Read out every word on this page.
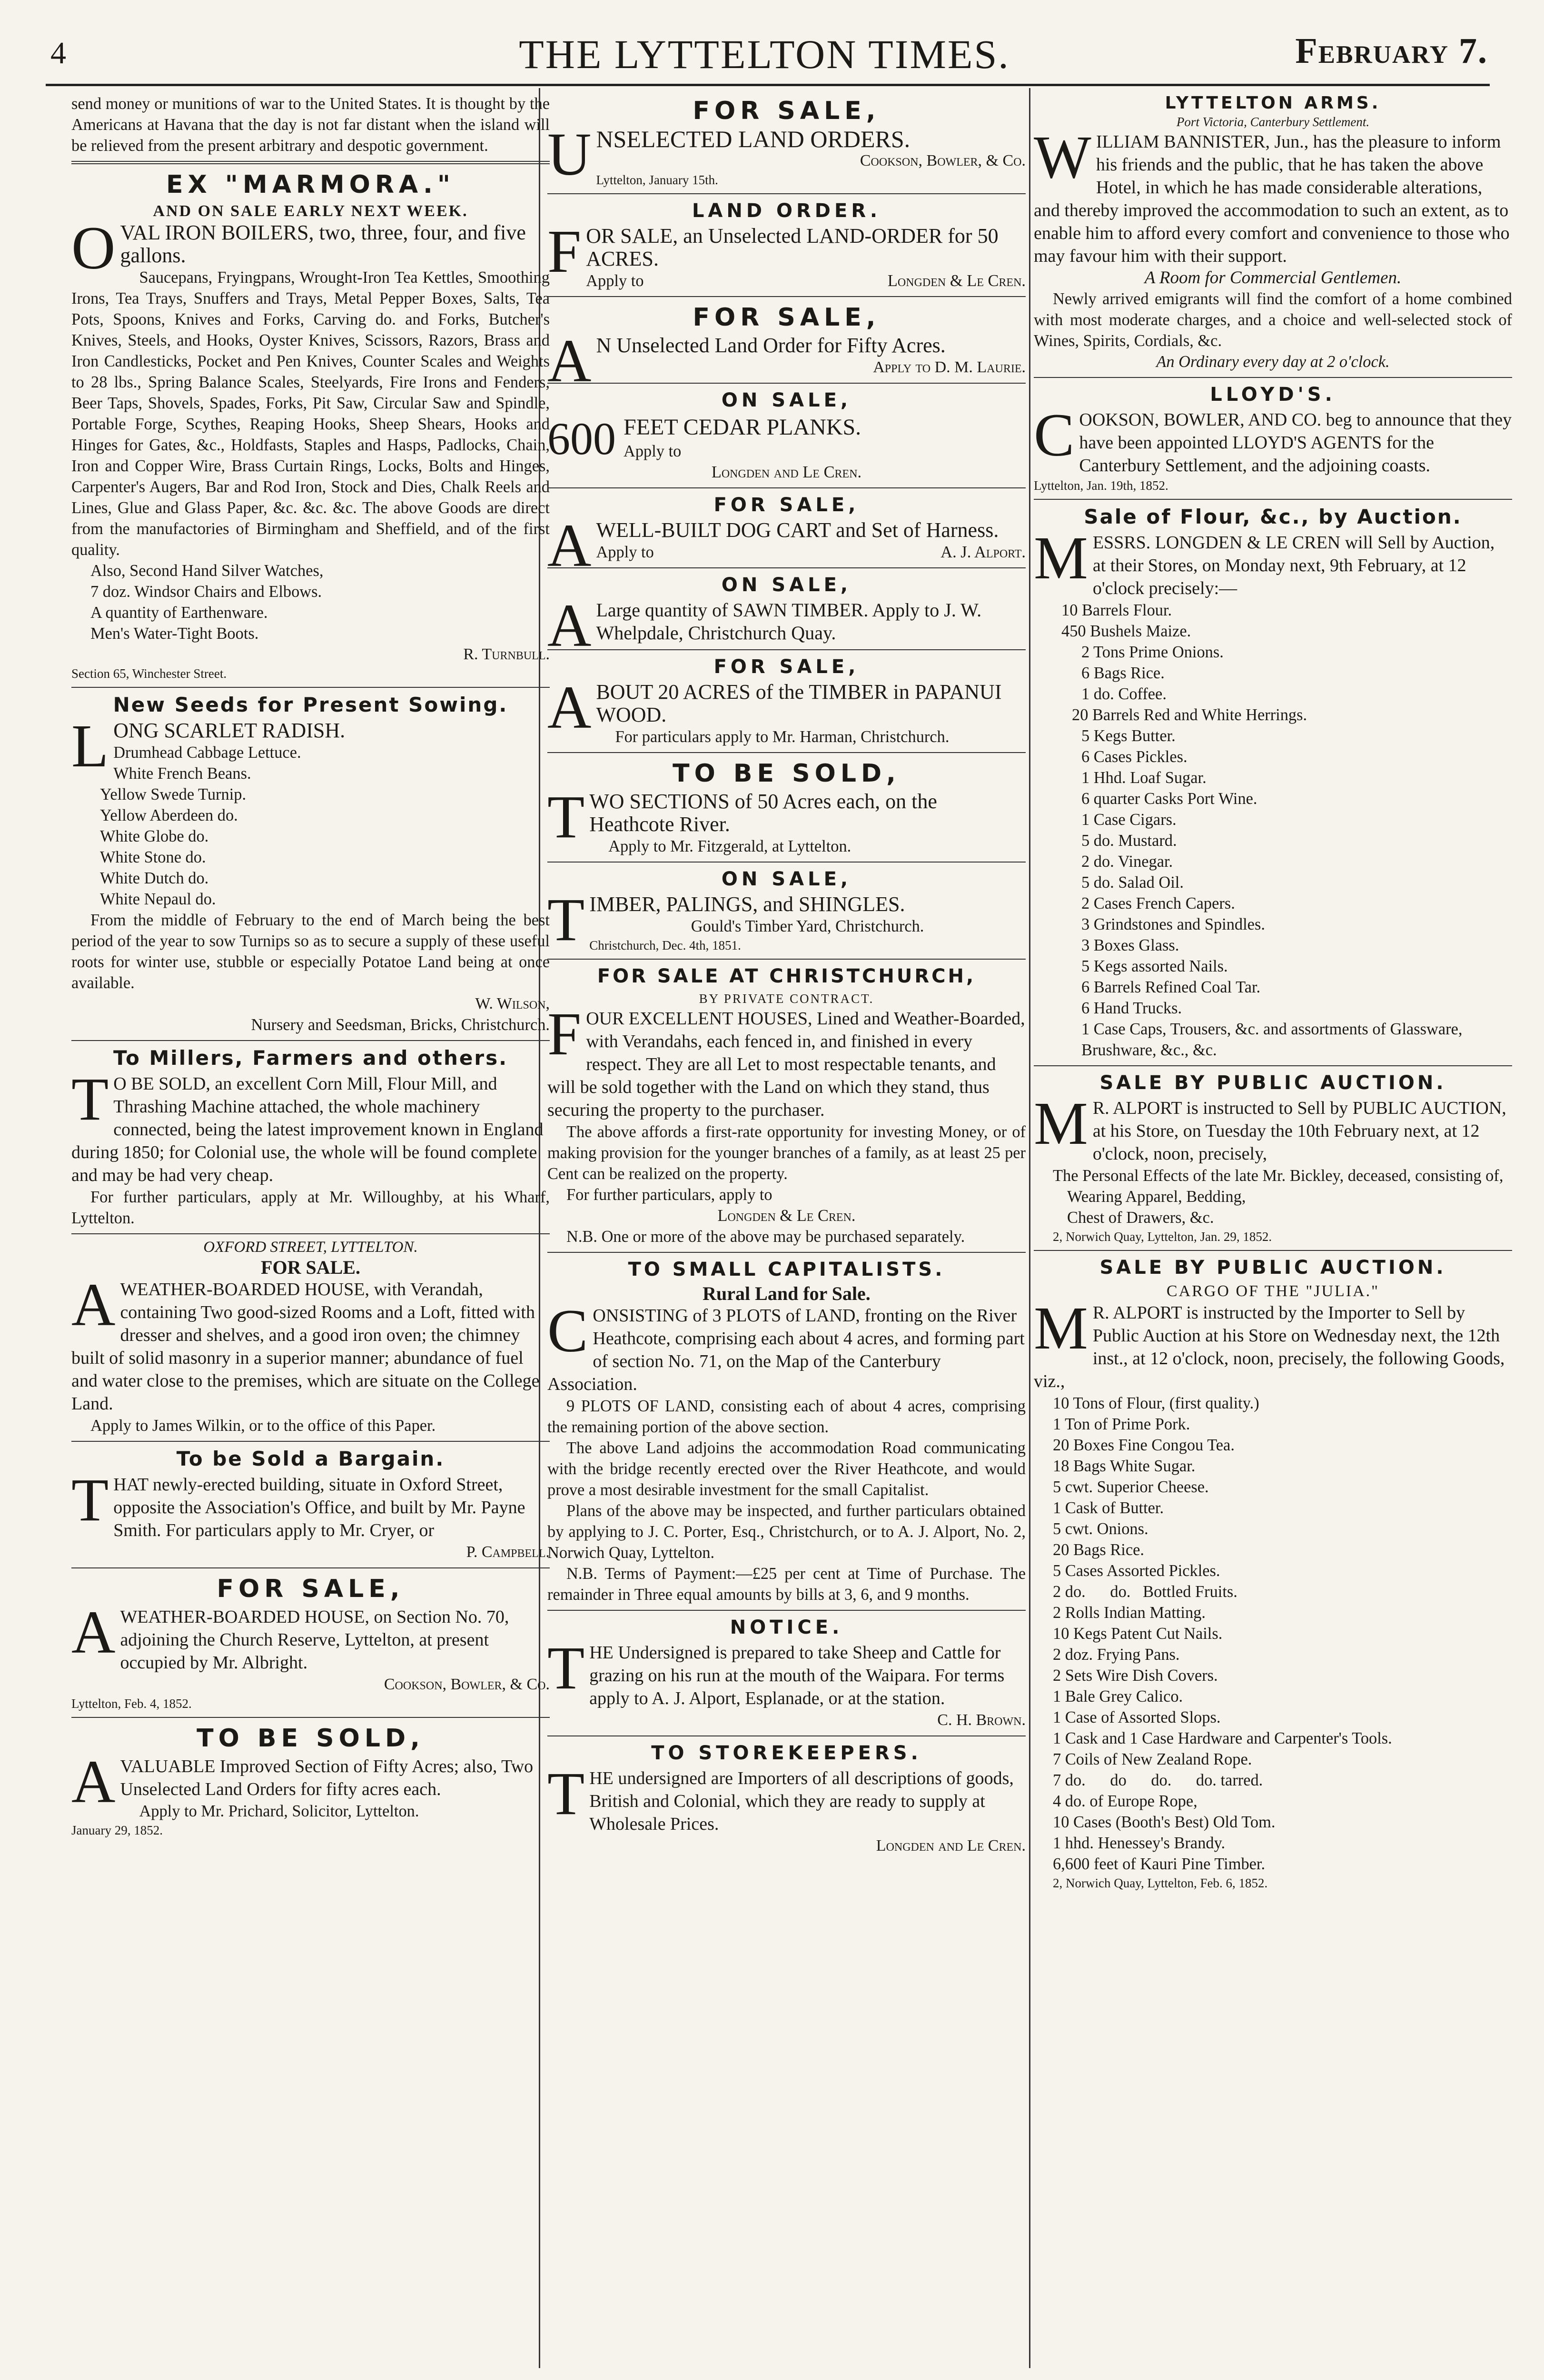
4	THE LYTTELTON TIMES.	February 7.

send money or munitions of war to the United States. It is thought by the Americans at Havana that the day is not far distant when the island will be relieved from the present arbitrary and despotic government.

EX "MARMORA."
AND ON SALE EARLY NEXT WEEK.

OVAL IRON BOILERS, two, three, four, and five gallons.

Saucepans, Fryingpans, Wrought-Iron Tea Kettles, Smoothing Irons, Tea Trays, Snuffers and Trays, Metal Pepper Boxes, Salts, Tea Pots, Spoons, Knives and Forks, Carving do. and Forks, Butcher's Knives, Steels, and Hooks, Oyster Knives, Scissors, Razors, Brass and Iron Candlesticks, Pocket and Pen Knives, Counter Scales and Weights to 28 lbs., Spring Balance Scales, Steelyards, Fire Irons and Fenders, Beer Taps, Shovels, Spades, Forks, Pit Saw, Circular Saw and Spindle, Portable Forge, Scythes, Reaping Hooks, Sheep Shears, Hooks and Hinges for Gates, &c., Holdfasts, Staples and Hasps, Padlocks, Chain, Iron and Copper Wire, Brass Curtain Rings, Locks, Bolts and Hinges, Carpenter's Augers, Bar and Rod Iron, Stock and Dies, Chalk Reels and Lines, Glue and Glass Paper, &c. &c. &c. The above Goods are direct from the manufactories of Birmingham and Sheffield, and of the first quality.

Also, Second Hand Silver Watches,

7 doz. Windsor Chairs and Elbows.

A quantity of Earthenware.

Men's Water-Tight Boots.

R. Turnbull.

Section 65, Winchester Street.

New Seeds for Present Sowing.

LONG SCARLET RADISH.

Drumhead Cabbage Lettuce.

White French Beans.

Yellow Swede Turnip.

Yellow Aberdeen do.

White Globe do.

White Stone do.

White Dutch do.

White Nepaul do.

From the middle of February to the end of March being the best period of the year to sow Turnips so as to secure a supply of these useful roots for winter use, stubble or especially Potatoe Land being at once available.

W. Wilson,

Nursery and Seedsman, Bricks, Christchurch.

To Millers, Farmers and others.

TO BE SOLD, an excellent Corn Mill, Flour Mill, and Thrashing Machine attached, the whole machinery connected, being the latest improvement known in England during 1850; for Colonial use, the whole will be found complete and may be had very cheap.

For further particulars, apply at Mr. Willoughby, at his Wharf, Lyttelton.

OXFORD STREET, LYTTELTON.
FOR SALE.

AWEATHER-BOARDED HOUSE, with Verandah, containing Two good-sized Rooms and a Loft, fitted with dresser and shelves, and a good iron oven; the chimney built of solid masonry in a superior manner; abundance of fuel and water close to the premises, which are situate on the College Land.

Apply to James Wilkin, or to the office of this Paper.

To be Sold a Bargain.

THAT newly-erected building, situate in Oxford Street, opposite the Association's Office, and built by Mr. Payne Smith. For particulars apply to Mr. Cryer, or

P. Campbell.

FOR SALE,

AWEATHER-BOARDED HOUSE, on Section No. 70, adjoining the Church Reserve, Lyttelton, at present occupied by Mr. Albright.

Cookson, Bowler, & Co.

Lyttelton, Feb. 4, 1852.

TO BE SOLD,

AVALUABLE Improved Section of Fifty Acres; also, Two Unselected Land Orders for fifty acres each.

Apply to Mr. Prichard, Solicitor, Lyttelton.

January 29, 1852.

FOR SALE,

UNSELECTED LAND ORDERS.

Cookson, Bowler, & Co.

Lyttelton, January 15th.

LAND ORDER.

FOR SALE, an Unselected LAND-ORDER for 50 ACRES.

Apply to	Longden & Le Cren.

FOR SALE,

AN Unselected Land Order for Fifty Acres.

Apply to D. M. Laurie.

ON SALE,
600 FEET CEDAR PLANKS.

Apply to

Longden and Le Cren.

FOR SALE,

AWELL-BUILT DOG CART and Set of Harness.

Apply to	A. J. Alport.

ON SALE,

ALarge quantity of SAWN TIMBER. Apply to J. W. Whelpdale, Christchurch Quay.

FOR SALE,

ABOUT 20 ACRES of the TIMBER in PAPANUI WOOD.

For particulars apply to Mr. Harman, Christchurch.

TO BE SOLD,

TWO SECTIONS of 50 Acres each, on the Heathcote River.

Apply to Mr. Fitzgerald, at Lyttelton.

ON SALE,

TIMBER, PALINGS, and SHINGLES.

Gould's Timber Yard, Christchurch.

Christchurch, Dec. 4th, 1851.

FOR SALE AT CHRISTCHURCH,
BY PRIVATE CONTRACT.

FOUR EXCELLENT HOUSES, Lined and Weather-Boarded, with Verandahs, each fenced in, and finished in every respect. They are all Let to most respectable tenants, and will be sold together with the Land on which they stand, thus securing the property to the purchaser.

The above affords a first-rate opportunity for investing Money, or of making provision for the younger branches of a family, as at least 25 per Cent can be realized on the property.

For further particulars, apply to

Longden & Le Cren.

N.B. One or more of the above may be purchased separately.

TO SMALL CAPITALISTS.
Rural Land for Sale.

CONSISTING of 3 PLOTS of LAND, fronting on the River Heathcote, comprising each about 4 acres, and forming part of section No. 71, on the Map of the Canterbury Association.

9 PLOTS OF LAND, consisting each of about 4 acres, comprising the remaining portion of the above section.

The above Land adjoins the accommodation Road communicating with the bridge recently erected over the River Heathcote, and would prove a most desirable investment for the small Capitalist.

Plans of the above may be inspected, and further particulars obtained by applying to J. C. Porter, Esq., Christchurch, or to A. J. Alport, No. 2, Norwich Quay, Lyttelton.

N.B. Terms of Payment:—£25 per cent at Time of Purchase. The remainder in Three equal amounts by bills at 3, 6, and 9 months.

NOTICE.

THE Undersigned is prepared to take Sheep and Cattle for grazing on his run at the mouth of the Waipara. For terms apply to A. J. Alport, Esplanade, or at the station.

C. H. Brown.

TO STOREKEEPERS.

THE undersigned are Importers of all descriptions of goods, British and Colonial, which they are ready to supply at Wholesale Prices.

Longden and Le Cren.

LYTTELTON ARMS.
Port Victoria, Canterbury Settlement.

WILLIAM BANNISTER, Jun., has the pleasure to inform his friends and the public, that he has taken the above Hotel, in which he has made considerable alterations, and thereby improved the accommodation to such an extent, as to enable him to afford every comfort and convenience to those who may favour him with their support.

A Room for Commercial Gentlemen.

Newly arrived emigrants will find the comfort of a home combined with most moderate charges, and a choice and well-selected stock of Wines, Spirits, Cordials, &c.

An Ordinary every day at 2 o'clock.

LLOYD'S.

COOKSON, BOWLER, AND CO. beg to announce that they have been appointed LLOYD'S AGENTS for the Canterbury Settlement, and the adjoining coasts.

Lyttelton, Jan. 19th, 1852.

Sale of Flour, &c., by Auction.

MESSRS. LONGDEN & LE CREN will Sell by Auction, at their Stores, on Monday next, 9th February, at 12 o'clock precisely:—

10 Barrels Flour.

450 Bushels Maize.

2 Tons Prime Onions.

6 Bags Rice.

1 do. Coffee.

20 Barrels Red and White Herrings.

5 Kegs Butter.

6 Cases Pickles.

1 Hhd. Loaf Sugar.

6 quarter Casks Port Wine.

1 Case Cigars.

5 do. Mustard.

2 do. Vinegar.

5 do. Salad Oil.

2 Cases French Capers.

3 Grindstones and Spindles.

3 Boxes Glass.

5 Kegs assorted Nails.

6 Barrels Refined Coal Tar.

6 Hand Trucks.

1 Case Caps, Trousers, &c. and assortments of Glassware, Brushware, &c., &c.

SALE BY PUBLIC AUCTION.

MR. ALPORT is instructed to Sell by PUBLIC AUCTION, at his Store, on Tuesday the 10th February next, at 12 o'clock, noon, precisely,

The Personal Effects of the late Mr. Bickley, deceased, consisting of,

Wearing Apparel, Bedding,

Chest of Drawers, &c.

2, Norwich Quay, Lyttelton, Jan. 29, 1852.

SALE BY PUBLIC AUCTION.
CARGO OF THE "JULIA."

MR. ALPORT is instructed by the Importer to Sell by Public Auction at his Store on Wednesday next, the 12th inst., at 12 o'clock, noon, precisely, the following Goods, viz.,

10 Tons of Flour, (first quality.)

1 Ton of Prime Pork.

20 Boxes Fine Congou Tea.

18 Bags White Sugar.

5 cwt. Superior Cheese.

1 Cask of Butter.

5 cwt. Onions.

20 Bags Rice.

5 Cases Assorted Pickles.

2 do.      do.   Bottled Fruits.

2 Rolls Indian Matting.

10 Kegs Patent Cut Nails.

2 doz. Frying Pans.

2 Sets Wire Dish Covers.

1 Bale Grey Calico.

1 Case of Assorted Slops.

1 Cask and 1 Case Hardware and Carpenter's Tools.

7 Coils of New Zealand Rope.

7 do.      do      do.      do. tarred.

4 do. of Europe Rope,

10 Cases (Booth's Best) Old Tom.

1 hhd. Henessey's Brandy.

6,600 feet of Kauri Pine Timber.

2, Norwich Quay, Lyttelton, Feb. 6, 1852.
